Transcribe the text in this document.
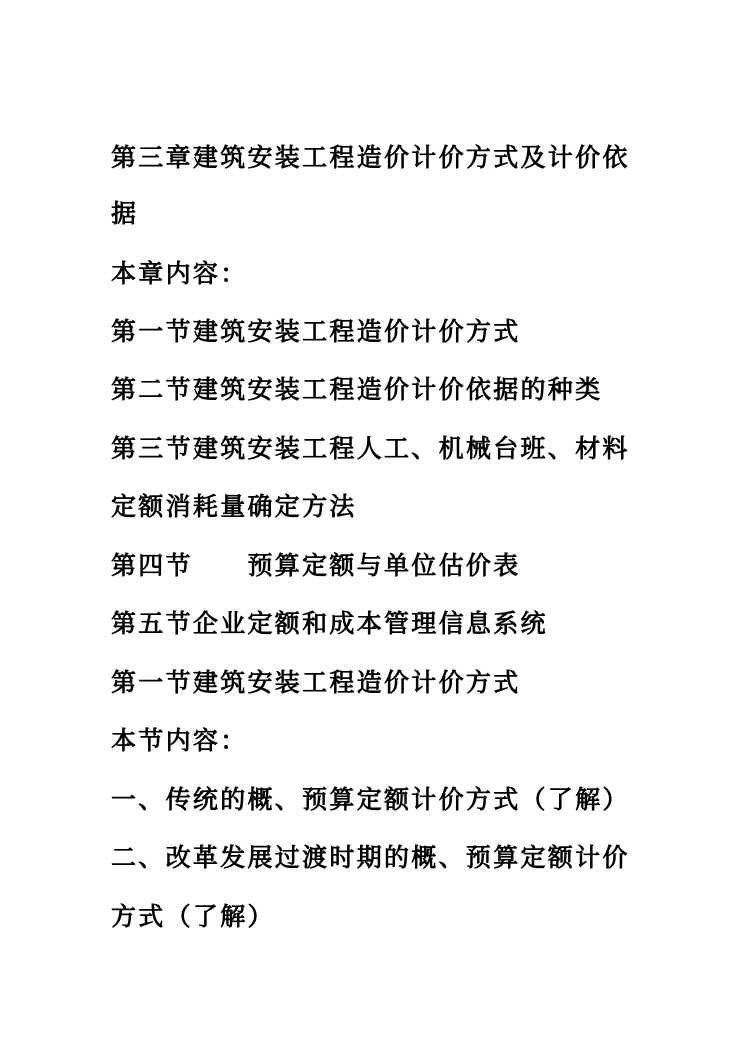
第三章建筑安装工程造价计价方式及计价依

据

本章内容：

第一节建筑安装工程造价计价方式

第二节建筑安装工程造价计价依据的种类

第三节建筑安装工程人工、机械台班、材料

定额消耗量确定方法

第四节　　预算定额与单位估价表

第五节企业定额和成本管理信息系统

第一节建筑安装工程造价计价方式

本节内容：

一、传统的概、预算定额计价方式（了解）

二、改革发展过渡时期的概、预算定额计价

方式（了解）
